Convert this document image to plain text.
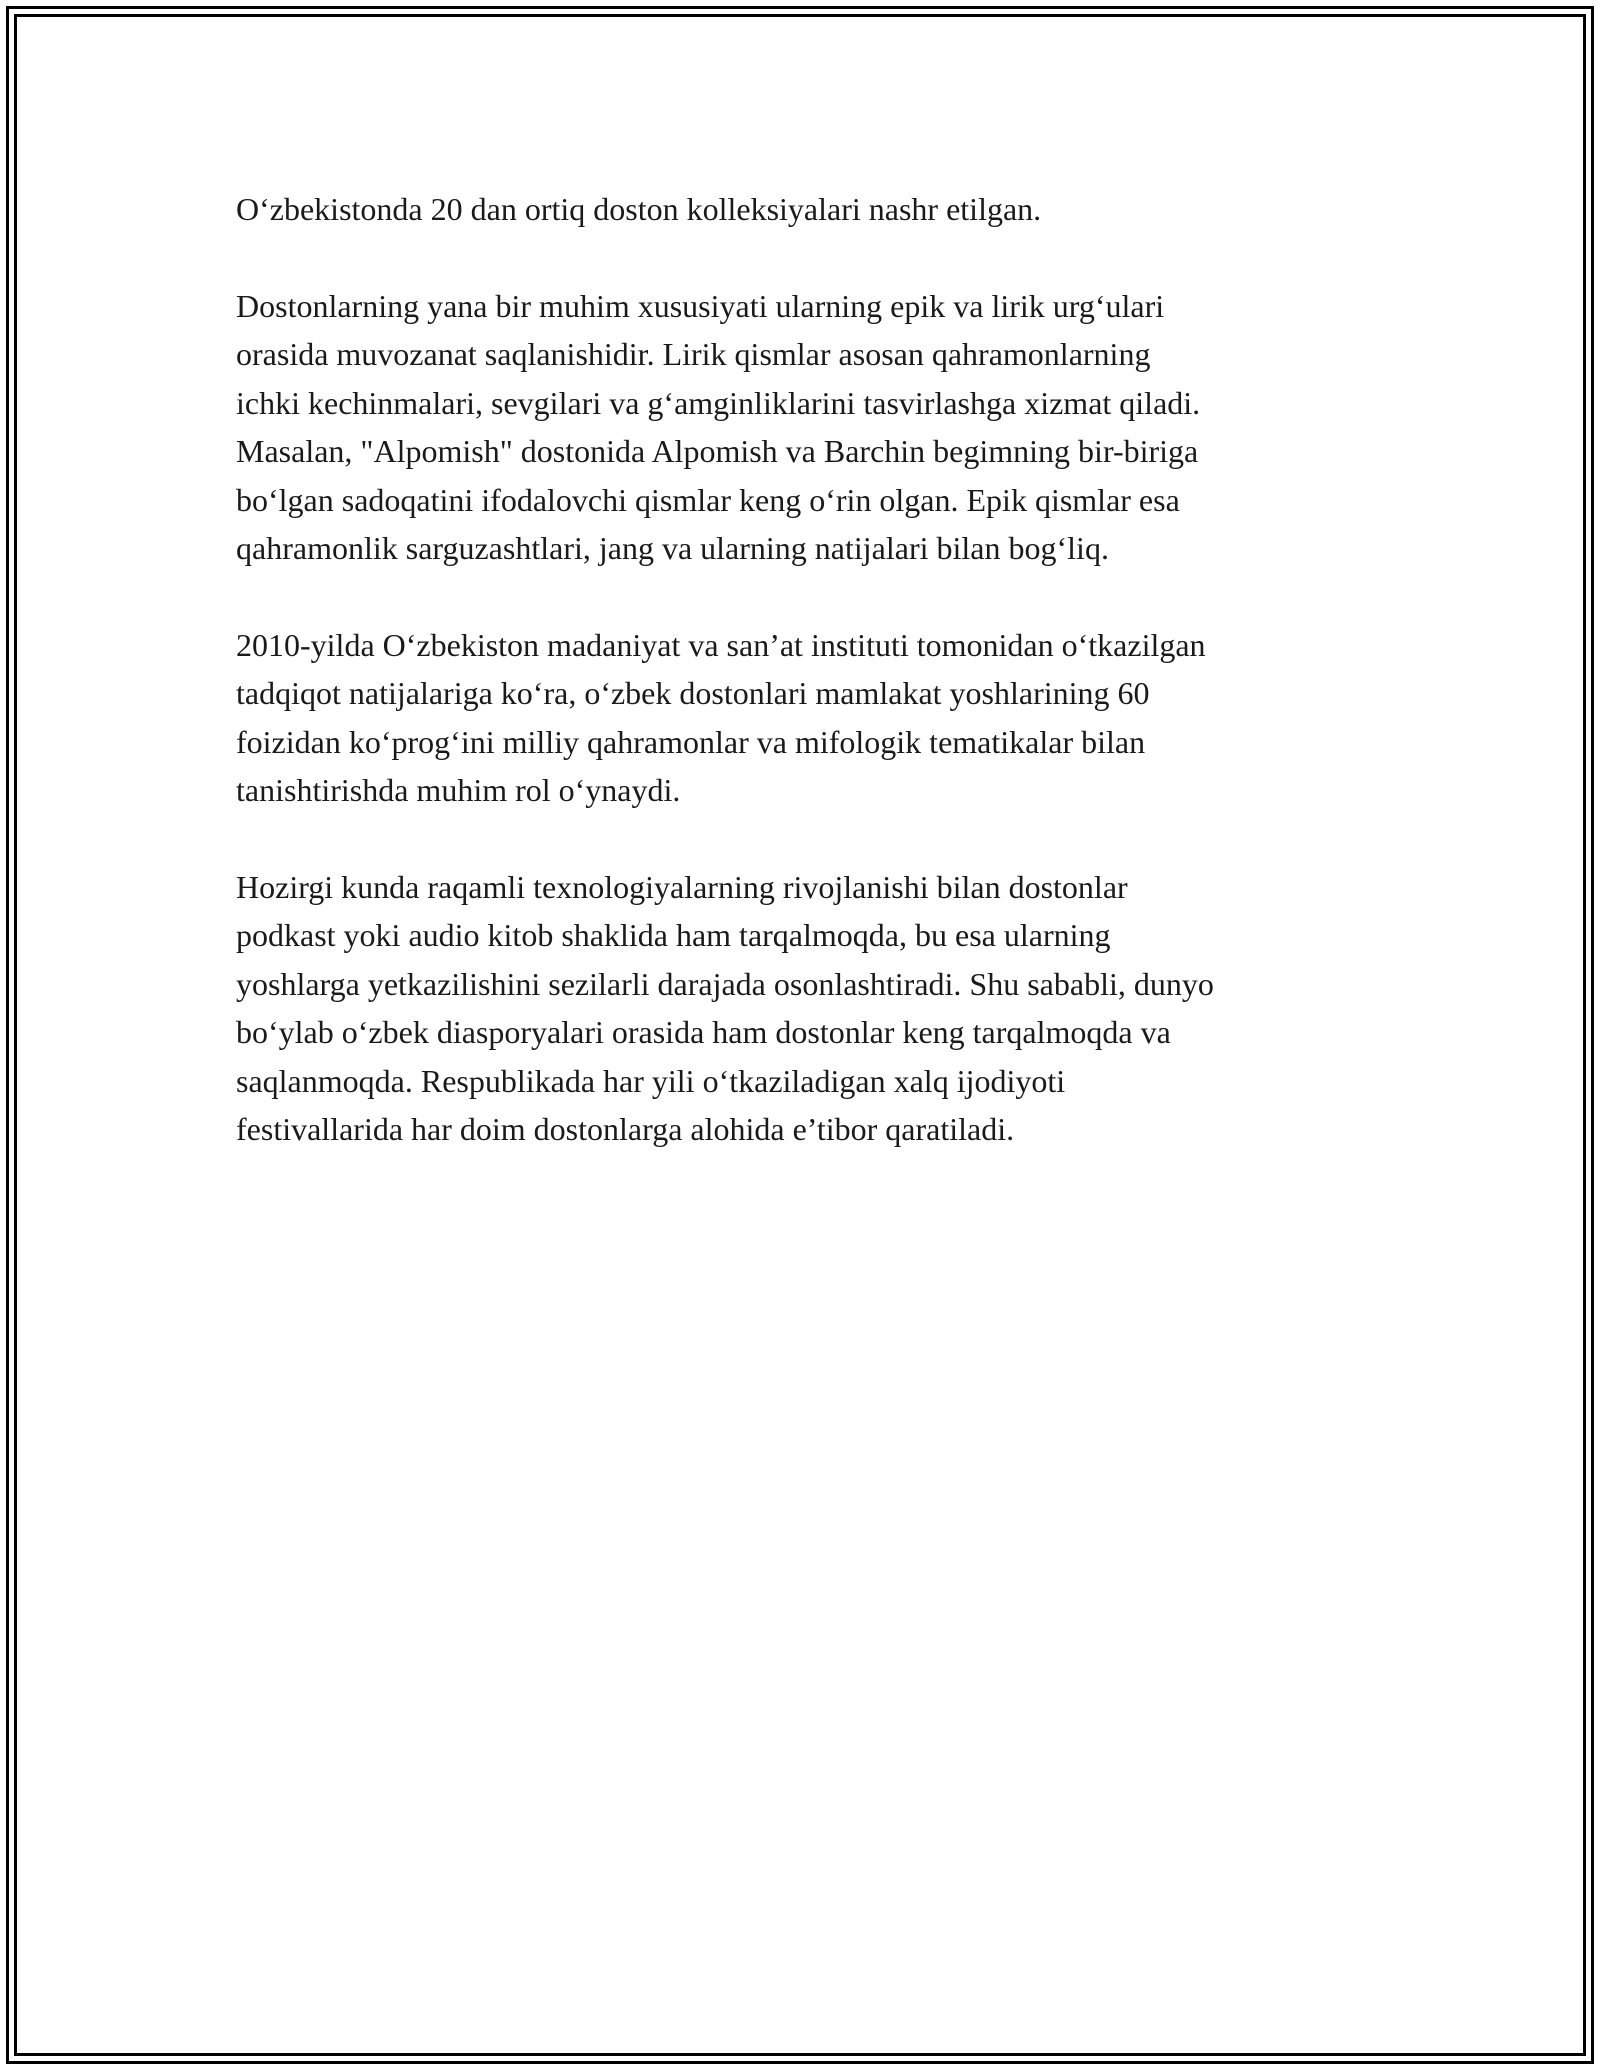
O‘zbekistonda 20 dan ortiq doston kolleksiyalari nashr etilgan.

Dostonlarning yana bir muhim xususiyati ularning epik va lirik urg‘ulari
orasida muvozanat saqlanishidir. Lirik qismlar asosan qahramonlarning
ichki kechinmalari, sevgilari va g‘amginliklarini tasvirlashga xizmat qiladi.
Masalan, "Alpomish" dostonida Alpomish va Barchin begimning bir-biriga
bo‘lgan sadoqatini ifodalovchi qismlar keng o‘rin olgan. Epik qismlar esa
qahramonlik sarguzashtlari, jang va ularning natijalari bilan bog‘liq.

2010-yilda O‘zbekiston madaniyat va san’at instituti tomonidan o‘tkazilgan
tadqiqot natijalariga ko‘ra, o‘zbek dostonlari mamlakat yoshlarining 60
foizidan ko‘prog‘ini milliy qahramonlar va mifologik tematikalar bilan
tanishtirishda muhim rol o‘ynaydi.

Hozirgi kunda raqamli texnologiyalarning rivojlanishi bilan dostonlar
podkast yoki audio kitob shaklida ham tarqalmoqda, bu esa ularning
yoshlarga yetkazilishini sezilarli darajada osonlashtiradi. Shu sababli, dunyo
bo‘ylab o‘zbek diasporyalari orasida ham dostonlar keng tarqalmoqda va
saqlanmoqda. Respublikada har yili o‘tkaziladigan xalq ijodiyoti
festivallarida har doim dostonlarga alohida e’tibor qaratiladi.
